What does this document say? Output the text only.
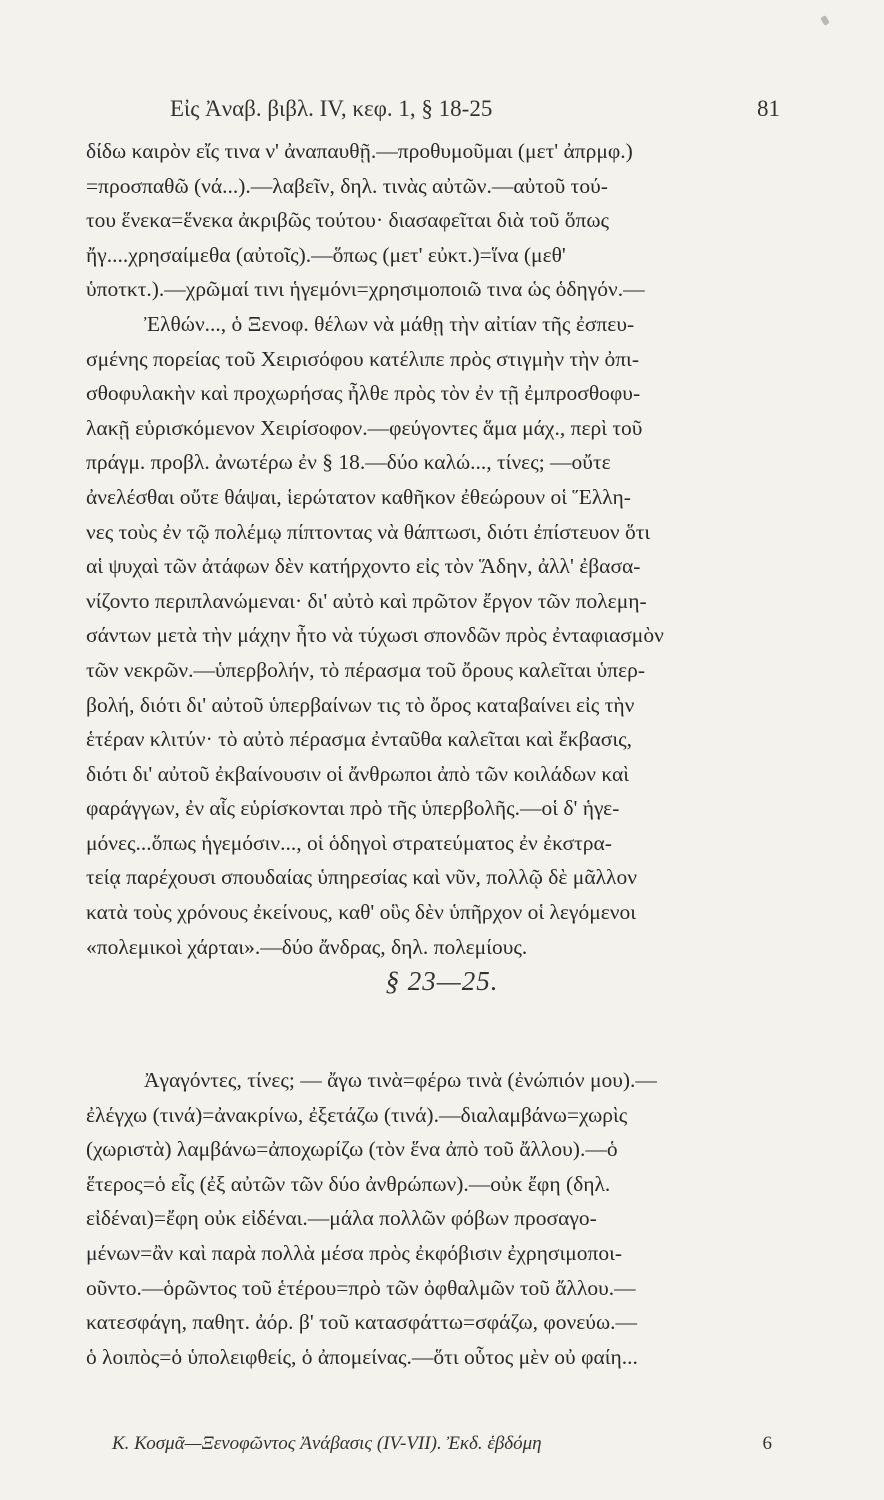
Εἰς Ἀναβ. βιβλ. IV, κεφ. 1, § 18-25	81
δίδω καιρὸν εἴς τινα ν' ἀναπαυθῇ.—προθυμοῦμαι (μετ' ἀπρμφ.)
=προσπαθῶ (νά...).—λαβεῖν, δηλ. τινὰς αὐτῶν.—αὐτοῦ τού-
του ἕνεκα=ἕνεκα ἀκριβῶς τούτου· διασαφεῖται διὰ τοῦ ὅπως
ἤγ....χρησαίμεθα (αὐτοῖς).—ὅπως (μετ' εὐκτ.)=ἵνα (μεθ'
ὑποτκτ.).—χρῶμαί τινι ἡγεμόνι=χρησιμοποιῶ τινα ὡς ὁδηγόν.—
Ἐλθών..., ὁ Ξενοφ. θέλων νὰ μάθῃ τὴν αἰτίαν τῆς ἐσπευ-
σμένης πορείας τοῦ Χειρισόφου κατέλιπε πρὸς στιγμὴν τὴν ὀπι-
σθοφυλακὴν καὶ προχωρήσας ἦλθε πρὸς τὸν ἐν τῇ ἐμπροσθοφυ-
λακῇ εὑρισκόμενον Χειρίσοφον.—φεύγοντες ἅμα μάχ., περὶ τοῦ
πράγμ. προβλ. ἀνωτέρω ἐν § 18.—δύο καλώ..., τίνες; —οὔτε
ἀνελέσθαι οὔτε θάψαι, ἱερώτατον καθῆκον ἐθεώρουν οἱ Ἕλλη-
νες τοὺς ἐν τῷ πολέμῳ πίπτοντας νὰ θάπτωσι, διότι ἐπίστευον ὅτι
αἱ ψυχαὶ τῶν ἀτάφων δὲν κατήρχοντο εἰς τὸν Ἅδην, ἀλλ' ἐβασα-
νίζοντο περιπλανώμεναι· δι' αὐτὸ καὶ πρῶτον ἔργον τῶν πολεμη-
σάντων μετὰ τὴν μάχην ἦτο νὰ τύχωσι σπονδῶν πρὸς ἐνταφιασμὸν
τῶν νεκρῶν.—ὑπερβολήν, τὸ πέρασμα τοῦ ὄρους καλεῖται ὑπερ-
βολή, διότι δι' αὐτοῦ ὑπερβαίνων τις τὸ ὄρος καταβαίνει εἰς τὴν
ἑτέραν κλιτύν· τὸ αὐτὸ πέρασμα ἐνταῦθα καλεῖται καὶ ἔκβασις,
διότι δι' αὐτοῦ ἐκβαίνουσιν οἱ ἄνθρωποι ἀπὸ τῶν κοιλάδων καὶ
φαράγγων, ἐν αἷς εὑρίσκονται πρὸ τῆς ὑπερβολῆς.—οἱ δ' ἡγε-
μόνες...ὅπως ἡγεμόσιν..., οἱ ὁδηγοὶ στρατεύματος ἐν ἐκστρα-
τείᾳ παρέχουσι σπουδαίας ὑπηρεσίας καὶ νῦν, πολλῷ δὲ μᾶλλον
κατὰ τοὺς χρόνους ἐκείνους, καθ' οὓς δὲν ὑπῆρχον οἱ λεγόμενοι
«πολεμικοὶ χάρται».—δύο ἄνδρας, δηλ. πολεμίους.
§ 23—25.
Ἀγαγόντες, τίνες; — ἄγω τινὰ=φέρω τινὰ (ἐνώπιόν μου).—
ἐλέγχω (τινά)=ἀνακρίνω, ἐξετάζω (τινά).—διαλαμβάνω=χωρὶς
(χωριστὰ) λαμβάνω=ἀποχωρίζω (τὸν ἕνα ἀπὸ τοῦ ἄλλου).—ὁ
ἕτερος=ὁ εἷς (ἐξ αὐτῶν τῶν δύο ἀνθρώπων).—οὐκ ἔφη (δηλ.
εἰδέναι)=ἔφη οὐκ εἰδέναι.—μάλα πολλῶν φόβων προσαγο-
μένων=ἂν καὶ παρὰ πολλὰ μέσα πρὸς ἐκφόβισιν ἐχρησιμοποι-
οῦντο.—ὁρῶντος τοῦ ἑτέρου=πρὸ τῶν ὀφθαλμῶν τοῦ ἄλλου.—
κατεσφάγη, παθητ. ἀόρ. β' τοῦ κατασφάττω=σφάζω, φονεύω.—
ὁ λοιπὸς=ὁ ὑπολειφθείς, ὁ ἀπομείνας.—ὅτι οὗτος μὲν οὐ φαίη...
Κ. Κοσμᾶ—Ξενοφῶντος Ἀνάβασις (IV-VII). Ἐκδ. ἑβδόμη	6
